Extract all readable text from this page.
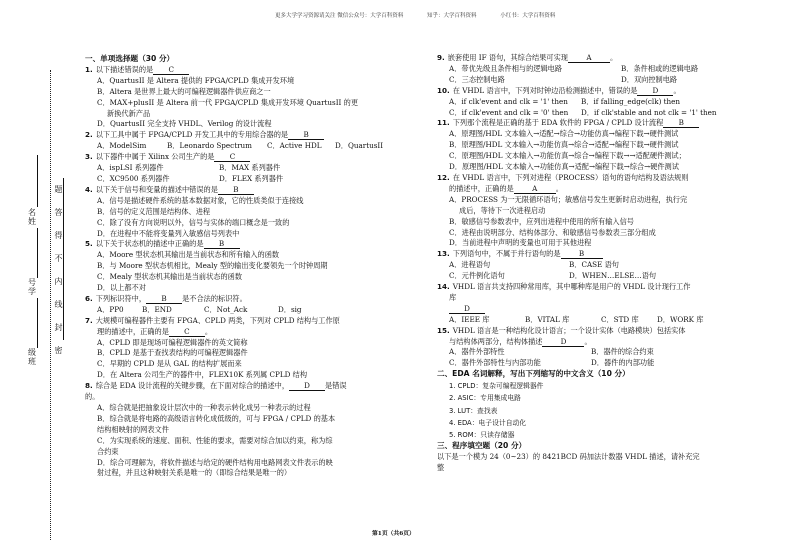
更多大学学习资源请关注 微信公众号：大学百科资料	知乎：大学百科资料	小红书：大学百科资料
题
答
得
不
内
线
封
密
名姓
号学
级班
一、单项选择题（30 分）
1. 以下描述错误的是 C
A．QuartusII 是 Altera 提供的 FPGA/CPLD 集成开发环境
B．Altera 是世界上最大的可编程逻辑器件供应商之一
C．MAX+plusII 是 Altera 前一代 FPGA/CPLD 集成开发环境 QuartusII 的更
新换代新产品
D．QuartusII 完全支持 VHDL、Verilog 的设计流程
2. 以下工具中属于 FPGA/CPLD 开发工具中的专用综合器的是 B
A．ModelSim	B．Leonardo Spectrum	C．Active HDL	D．QuartusII
3. 以下器件中属于 Xilinx 公司生产的是 C
A．ispLSI 系列器件	B．MAX 系列器件
C．XC9500 系列器件	D．FLEX 系列器件
4. 以下关于信号和变量的描述中错误的是 B
A．信号是描述硬件系统的基本数据对象，它的性质类似于连接线
B．信号的定义范围是结构体、进程
C．除了没有方向说明以外，信号与实体的端口概念是一致的
D．在进程中不能将变量列入敏感信号列表中
5. 以下关于状态机的描述中正确的是 B
A．Moore 型状态机其输出是当前状态和所有输入的函数
B．与 Moore 型状态机相比，Mealy 型的输出变化要领先一个时钟周期
C．Mealy 型状态机其输出是当前状态的函数
D．以上都不对
6. 下列标识符中， B 是不合法的标识符。
A．PP0	B．END	C．Not_Ack	D．sig
7. 大规模可编程器件主要有 FPGA、CPLD 两类，下列对 CPLD 结构与工作原
理的描述中，正确的是 C 。
A．CPLD 即是现场可编程逻辑器件的英文简称
B．CPLD 是基于查找表结构的可编程逻辑器件
C．早期的 CPLD 是从 GAL 的结构扩展而来
D．在 Altera 公司生产的器件中，FLEX10K 系列属 CPLD 结构
8. 综合是 EDA 设计流程的关键步骤，在下面对综合的描述中， D 是错误
的。
A．综合就是把抽象设计层次中的一种表示转化成另一种表示的过程
B．综合就是将电路的高级语言转化成低级的，可与 FPGA / CPLD 的基本
结构相映射的网表文件
C．为实现系统的速度、面积、性能的要求，需要对综合加以约束，称为综
合约束
D．综合可理解为，将软件描述与给定的硬件结构用电路网表文件表示的映
射过程，并且这种映射关系是唯一的（即综合结果是唯一的）
9. 嵌套使用 IF 语句，其综合结果可实现	A	。
A．带优先级且条件相与的逻辑电路	B．条件相或的逻辑电路
C．三态控制电路	D．双向控制电路
10. 在 VHDL 语言中，下列对时钟边沿检测描述中，错误的是 D 。
A．if clk'event and clk = '1' then	B．if falling_edge(clk) then
C．if clk'event and clk = '0' then	D．if clk'stable and not clk = '1' then
11. 下列那个流程是正确的基于 EDA 软件的 FPGA / CPLD 设计流程 B
A．原理图/HDL 文本输入→适配→综合→功能仿真→编程下载→硬件测试
B．原理图/HDL 文本输入→功能仿真→综合→适配→编程下载→硬件测试
C．原理图/HDL 文本输入→功能仿真→综合→编程下载→→适配硬件测试；
D．原理图/HDL 文本输入→功能仿真→适配→编程下载→综合→硬件测试
12. 在 VHDL 语言中，下列对进程（PROCESS）语句的语句结构及语法规则
的描述中，正确的是	A	。
A．PROCESS 为一无限循环语句；敏感信号发生更新时启动进程，执行完
成后，等待下一次进程启动
B．敏感信号参数表中，应列出进程中使用的所有输入信号
C．进程由说明部分、结构体部分、和敏感信号参数表三部分组成
D．当前进程中声明的变量也可用于其他进程
13. 下列语句中，不属于并行语句的是	B
A．进程语句	B．CASE 语句
C．元件例化语句	D．WHEN…ELSE…语句
14. VHDL 语言共支持四种常用库，其中哪种库是用户的 VHDL 设计现行工作
库
D
A．IEEE 库	B．VITAL 库	C．STD 库	D．WORK 库
15. VHDL 语言是一种结构化设计语言；一个设计实体（电路模块）包括实体
与结构体两部分，结构体描述	D	。
A．器件外部特性	B．器件的综合约束
C．器件外部特性与内部功能	D．器件的内部功能
二、EDA 名词解释，写出下列缩写的中文含义（10 分）
1. CPLD：复杂可编程逻辑器件
2. ASIC：专用集成电路
3. LUT：查找表
4. EDA：电子设计自动化
5. ROM：只读存储器
三、程序填空题（20 分）
以下是一个模为 24（0~23）的 8421BCD 码加法计数器 VHDL 描述，请补充完
整
第1页（共6页）
